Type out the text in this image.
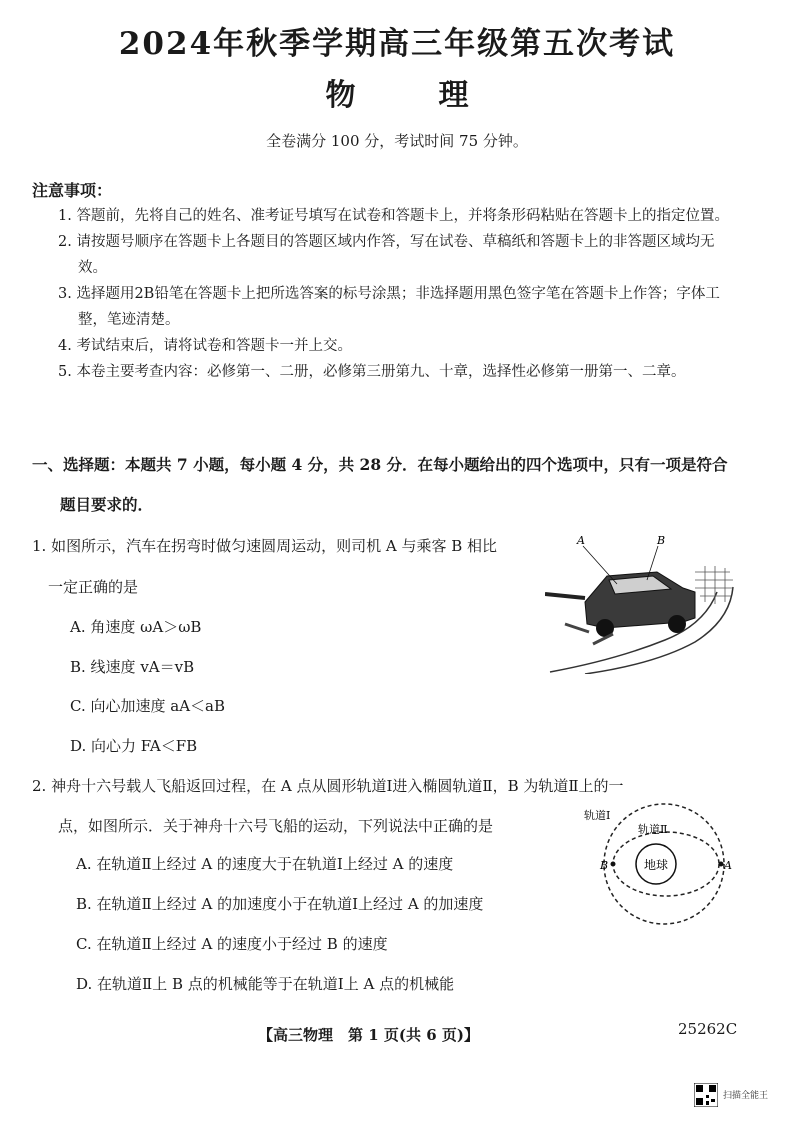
2024年秋季学期高三年级第五次考试
物	理
全卷满分 100 分，考试时间 75 分钟。
注意事项：

1. 答题前，先将自己的姓名、准考证号填写在试卷和答题卡上，并将条形码粘贴在答题卡上的指定位置。

2. 请按题号顺序在答题卡上各题目的答题区域内作答，写在试卷、草稿纸和答题卡上的非答题区域均无效。

3. 选择题用2B铅笔在答题卡上把所选答案的标号涂黑；非选择题用黑色签字笔在答题卡上作答；字体工整，笔迹清楚。

4. 考试结束后，请将试卷和答题卡一并上交。

5. 本卷主要考查内容：必修第一、二册，必修第三册第九、十章，选择性必修第一册第一、二章。

一、选择题：本题共 7 小题，每小题 4 分，共 28 分．在每小题给出的四个选项中，只有一项是符合
题目要求的．
1. 如图所示，汽车在拐弯时做匀速圆周运动，则司机 A 与乘客 B 相比
一定正确的是
A. 角速度 ωA＞ωB
B. 线速度 vA＝vB
C. 向心加速度 aA＜aB
D. 向心力 FA＜FB
A	B
2. 神舟十六号载人飞船返回过程，在 A 点从圆形轨道Ⅰ进入椭圆轨道Ⅱ，B 为轨道Ⅱ上的一
点，如图所示．关于神舟十六号飞船的运动，下列说法中正确的是
A. 在轨道Ⅱ上经过 A 的速度大于在轨道Ⅰ上经过 A 的速度
B. 在轨道Ⅱ上经过 A 的加速度小于在轨道Ⅰ上经过 A 的加速度
C. 在轨道Ⅱ上经过 A 的速度小于经过 B 的速度
D. 在轨道Ⅱ上 B 点的机械能等于在轨道Ⅰ上 A 点的机械能
轨道Ⅰ
轨道Ⅱ
地球	A
B
【高三物理　第 1 页(共 6 页)】	25262C
扫描全能王
